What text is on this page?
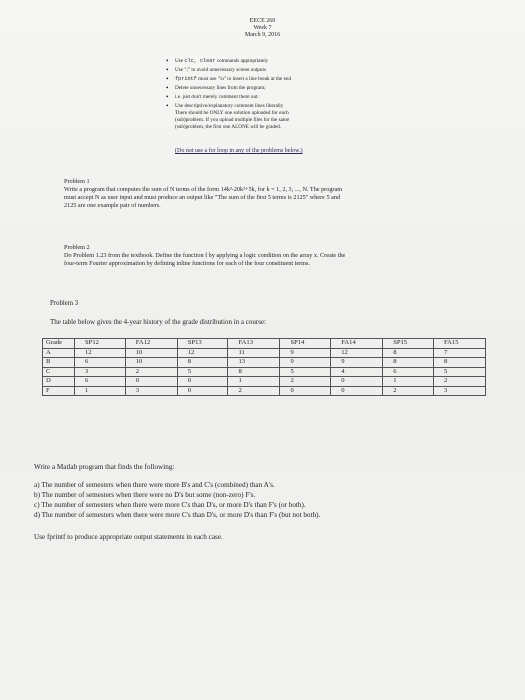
EECE 260
Week 7
March 9, 2016
• Use clc, clear commands appropriately
• Use ";" to avoid unnecessary screen outputs
• fprintf must use "\n" to insert a line break at the end
• Delete unnecessary lines from the program;
• i.e. just don't merely comment them out.
• Use descriptive/explanatory comment lines liberally
There should be ONLY one solution uploaded for each
(sub)problem. If you upload multiple files for the same
(sub)problem, the first one ALONE will be graded.
(Do not use a for loop in any of the problems below.)
Problem 1
Write a program that computes the sum of N terms of the form 14k³-20k²+5k, for k = 1, 2, 3, ..., N. The program
must accept N as user input and must produce an output like "The sum of the first 5 terms is 2125" where 5 and
2125 are one example pair of numbers.
Problem 2
Do Problem 1.23 from the textbook. Define the function f by applying a logic condition on the array x. Create the
four-term Fourier approximation by defining inline functions for each of the four constituent terms.
Problem 3
The table below gives the 4-year history of the grade distribution in a course:
Grade	SP12	FA12	SP13	FA13	SP14	FA14	SP15	FA15
A	12	10	12	11	9	12	8	7
B	6	10	8	13	9	9	8	8
C	3	2	5	8	5	4	6	5
D	6	0	0	1	2	0	1	2
F	1	3	0	2	0	0	2	3
Write a Matlab program that finds the following:
a) The number of semesters when there were more B's and C's (combined) than A's.
b) The number of semesters when there were no D's but some (non-zero) F's.
c) The number of semesters when there were more C's than D's, or more D's than F's (or both).
d) The number of semesters when there were more C's than D's, or more D's than F's (but not both).
Use fprintf to produce appropriate output statements in each case.
